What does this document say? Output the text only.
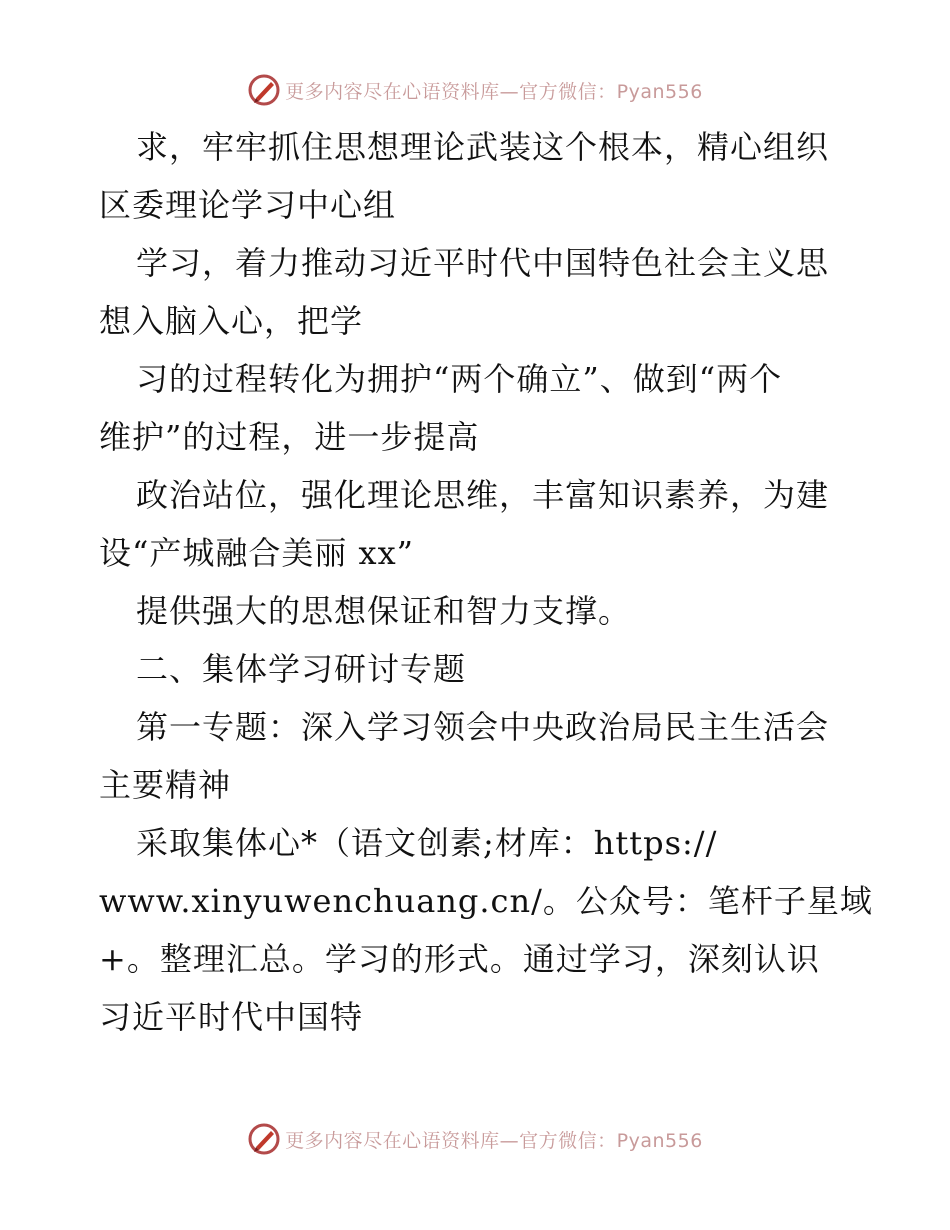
更多内容尽在心语资料库—官方微信：Pyan556
求，牢牢抓住思想理论武装这个根本，精心组织
区委理论学习中心组
学习，着力推动习近平时代中国特色社会主义思
想入脑入心，把学
习的过程转化为拥护“两个确立”、做到“两个
维护”的过程，进一步提高
政治站位，强化理论思维，丰富知识素养，为建
设“产城融合美丽 xx”
提供强大的思想保证和智力支撑。
二、集体学习研讨专题
第一专题：深入学习领会中央政治局民主生活会
主要精神
采取集体心*（语文创素;材库：https://
www.xinyuwenchuang.cn/。公众号：笔杆子星域
+。整理汇总。学习的形式。通过学习，深刻认识
习近平时代中国特
更多内容尽在心语资料库—官方微信：Pyan556
